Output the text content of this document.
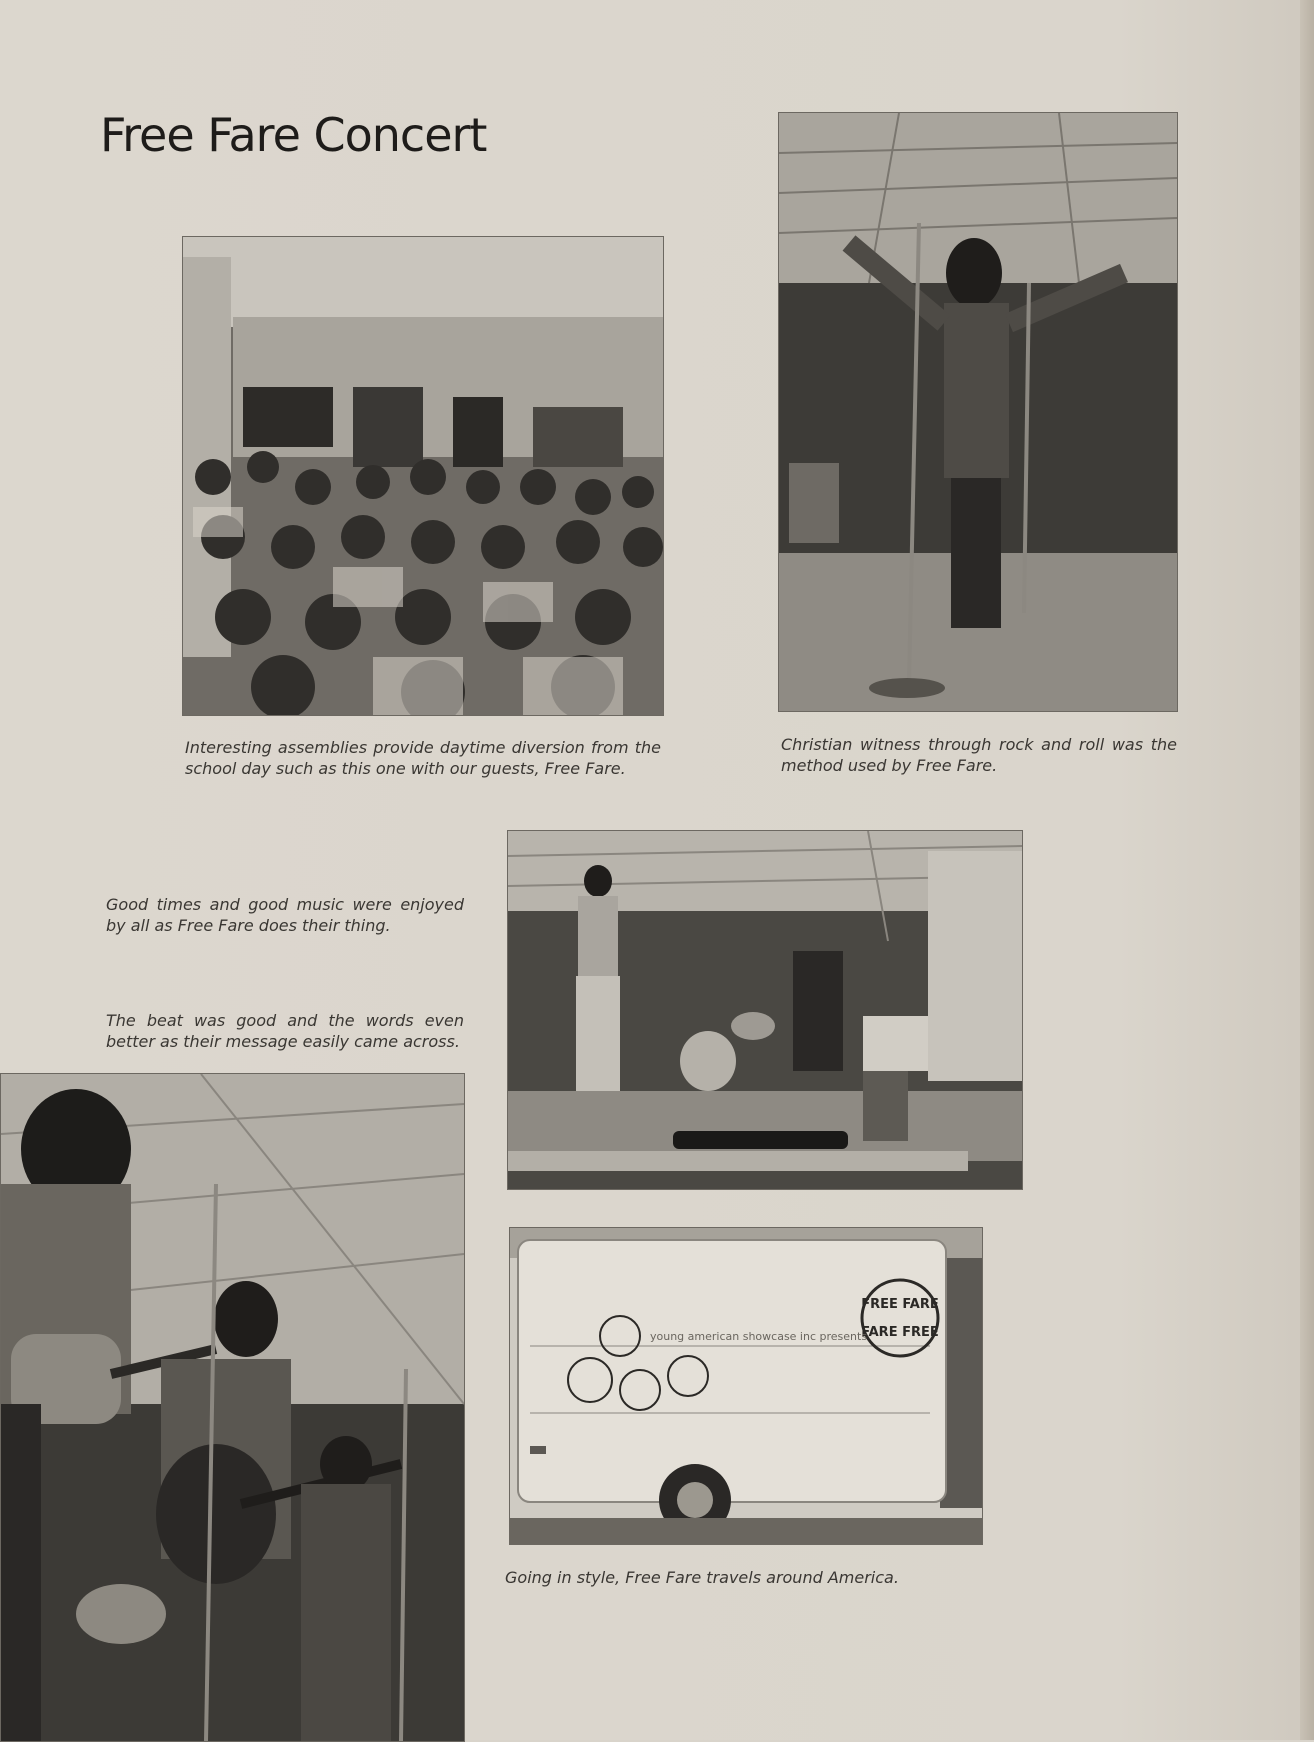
Free Fare Concert
Interesting assemblies provide daytime diversion from the school day such as this one with our guests, Free Fare.
Christian witness through rock and roll was the method used by Free Fare.
Good times and good music were enjoyed by all as Free Fare does their thing.
The beat was good and the words even better as their message easily came across.
FREE FARE
FARE FREE
young american showcase inc presents
Going in style, Free Fare travels around America.
